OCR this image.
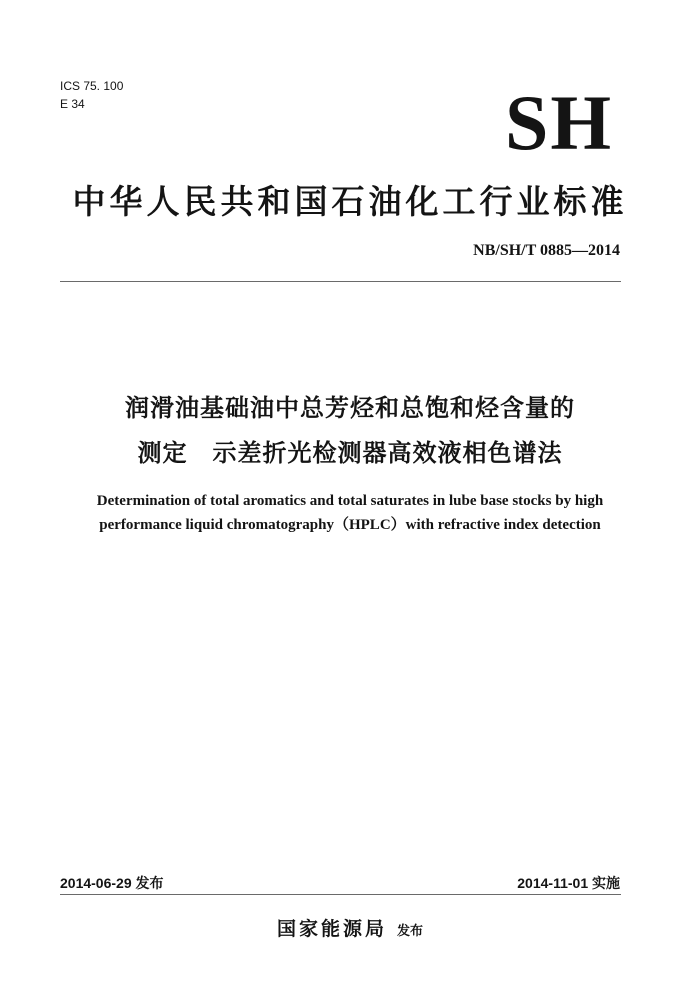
ICS 75. 100
E 34	SH
中华人民共和国石油化工行业标准
NB/SH/T 0885—2014
润滑油基础油中总芳烃和总饱和烃含量的
测定　示差折光检测器高效液相色谱法
Determination of total aromatics and total saturates in lube base stocks by high
performance liquid chromatography（HPLC）with refractive index detection
2014-06-29 发布	2014-11-01 实施
国家能源局 发布
